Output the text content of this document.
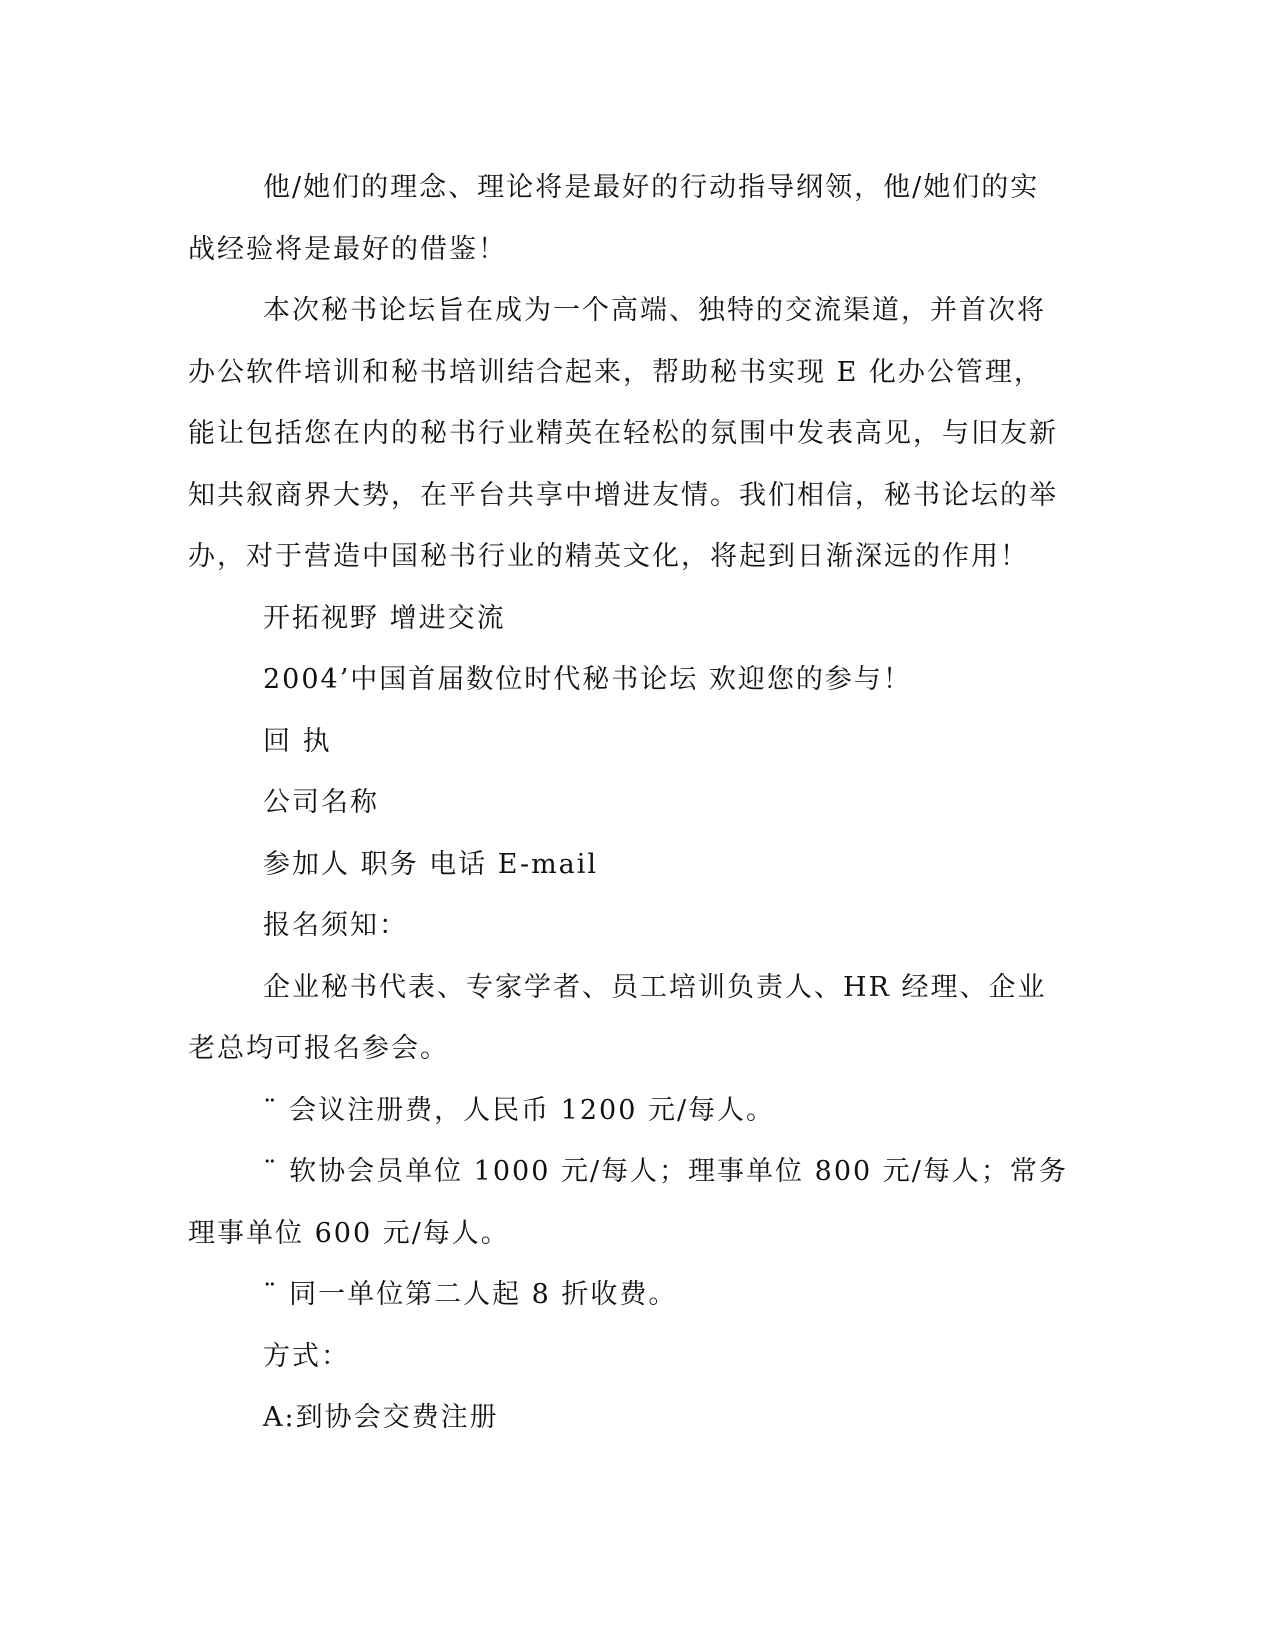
他/她们的理念、理论将是最好的行动指导纲领，他/她们的实战经验将是最好的借鉴！

本次秘书论坛旨在成为一个高端、独特的交流渠道，并首次将办公软件培训和秘书培训结合起来，帮助秘书实现 E 化办公管理，能让包括您在内的秘书行业精英在轻松的氛围中发表高见，与旧友新知共叙商界大势，在平台共享中增进友情。我们相信，秘书论坛的举办，对于营造中国秘书行业的精英文化，将起到日渐深远的作用！

开拓视野 增进交流

2004’中国首届数位时代秘书论坛 欢迎您的参与！

回 执

公司名称

参加人 职务 电话 E-mail

报名须知：

企业秘书代表、专家学者、员工培训负责人、HR 经理、企业老总均可报名参会。

¨ 会议注册费，人民币 1200 元/每人。

¨ 软协会员单位 1000 元/每人；理事单位 800 元/每人；常务理事单位 600 元/每人。

¨ 同一单位第二人起 8 折收费。

方式：

A:到协会交费注册
